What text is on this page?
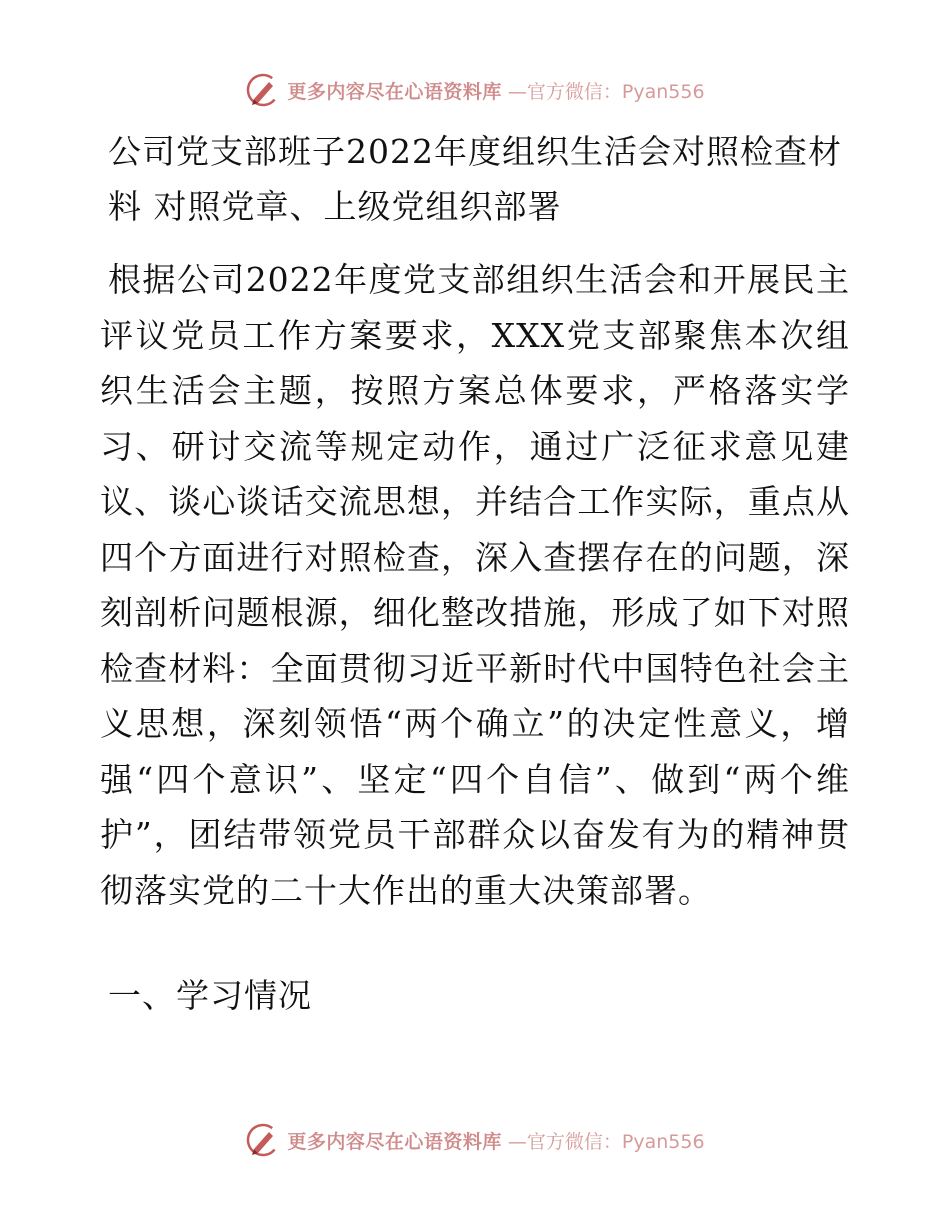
更多内容尽在心语资料库 —官方微信：Pyan556
公司党支部班子2022年度组织生活会对照检查材料 对照党章、上级党组织部署

根据公司2022年度党支部组织生活会和开展民主评议党员工作方案要求，XXX党支部聚焦本次组织生活会主题，按照方案总体要求，严格落实学习、研讨交流等规定动作，通过广泛征求意见建议、谈心谈话交流思想，并结合工作实际，重点从四个方面进行对照检查，深入查摆存在的问题，深刻剖析问题根源，细化整改措施，形成了如下对照检查材料：全面贯彻习近平新时代中国特色社会主义思想，深刻领悟“两个确立”的决定性意义，增强“四个意识”、坚定“四个自信”、做到“两个维护”，团结带领党员干部群众以奋发有为的精神贯彻落实党的二十大作出的重大决策部署。

一、学习情况
更多内容尽在心语资料库 —官方微信：Pyan556
